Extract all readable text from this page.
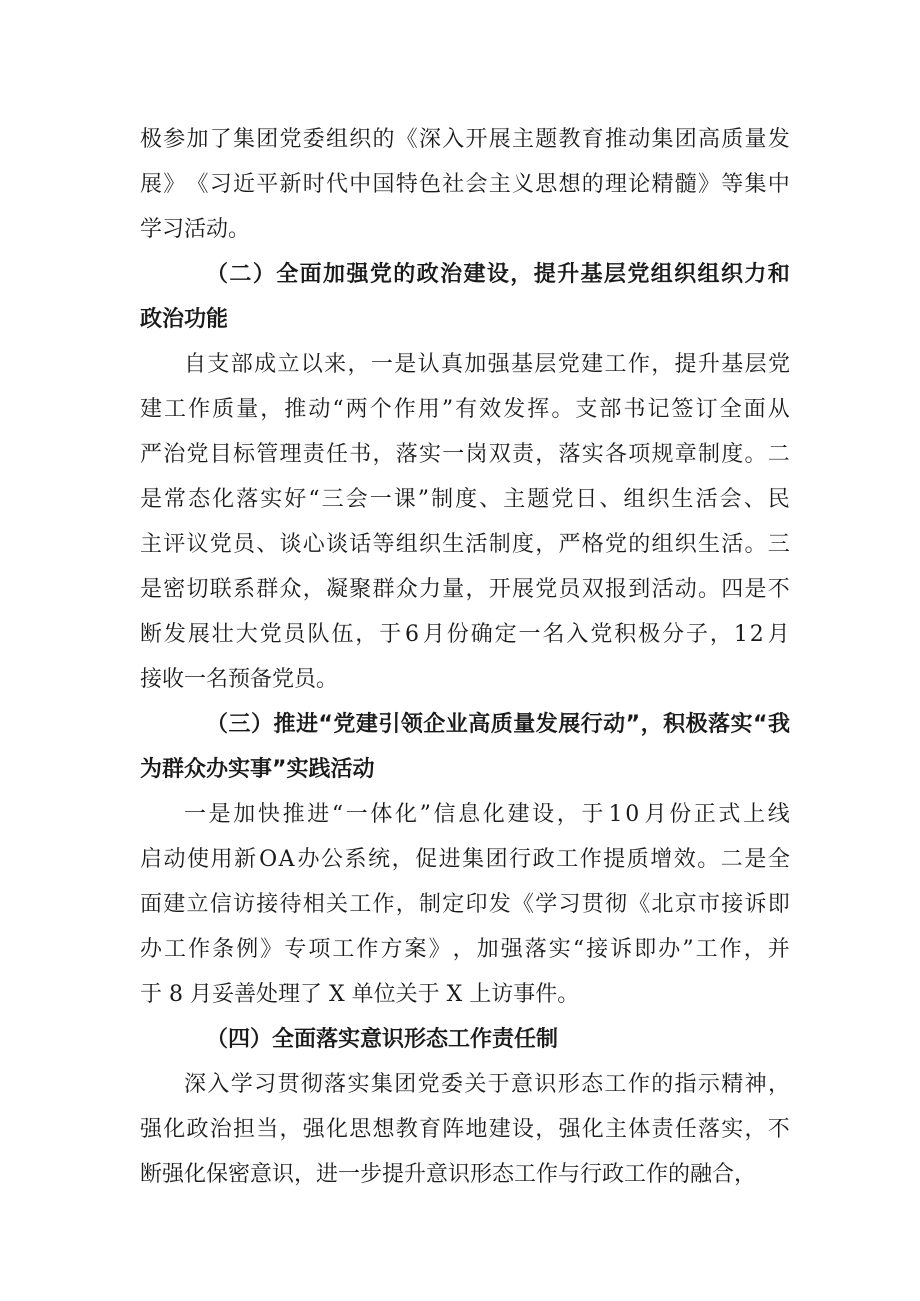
极 参 加 了 集 团 党 委 组 织 的 《 深 入 开 展 主 题 教 育 推 动 集 团 高 质 量 发
展 》 《 习 近 平 新 时 代 中 国 特 色 社 会 主 义 思 想 的 理 论 精 髓 》 等 集 中
学习活动。
（ 二 ） 全 面 加 强 党 的 政 治 建 设 ， 提 升 基 层 党 组 织 组 织 力 和
政治功能
自 支 部 成 立 以 来 ， 一 是 认 真 加 强 基 层 党 建 工 作 ， 提 升 基 层 党
建 工 作 质 量 ， 推 动 “ 两 个 作 用 ” 有 效 发 挥 。 支 部 书 记 签 订 全 面 从
严 治 党 目 标 管 理 责 任 书 ， 落 实 一 岗 双 责 ， 落 实 各 项 规 章 制 度 。 二
是 常 态 化 落 实 好 “ 三 会 一 课 ” 制 度 、 主 题 党 日 、 组 织 生 活 会 、 民
主 评 议 党 员 、 谈 心 谈 话 等 组 织 生 活 制 度 ， 严 格 党 的 组 织 生 活 。 三
是 密 切 联 系 群 众 ， 凝 聚 群 众 力 量 ， 开 展 党 员 双 报 到 活 动 。 四 是 不
断 发 展 壮 大 党 员 队 伍 ， 于 6 月 份 确 定 一 名 入 党 积 极 分 子 ， 1 2 月
接收一名预备党员。
（ 三 ） 推 进 “ 党 建 引 领 企 业 高 质 量 发 展 行 动 ” ， 积 极 落 实 “ 我
为群众办实事”实践活动
一 是 加 快 推 进 “ 一 体 化 ” 信 息 化 建 设 ， 于 1 0 月 份 正 式 上 线
启 动 使 用 新 O A 办 公 系 统 ， 促 进 集 团 行 政 工 作 提 质 增 效 。 二 是 全
面 建 立 信 访 接 待 相 关 工 作 ， 制 定 印 发 《 学 习 贯 彻 《 北 京 市 接 诉 即
办 工 作 条 例 》 专 项 工 作 方 案 》 ， 加 强 落 实 “ 接 诉 即 办 ” 工 作 ， 并
于 8 月妥善处理了 X 单位关于 X 上访事件。
（四）全面落实意识形态工作责任制
深 入 学 习 贯 彻 落 实 集 团 党 委 关 于 意 识 形 态 工 作 的 指 示 精 神 ，
强 化 政 治 担 当 ， 强 化 思 想 教 育 阵 地 建 设 ， 强 化 主 体 责 任 落 实 ， 不
断强化保密意识，进一步提升意识形态工作与行政工作的融合，
